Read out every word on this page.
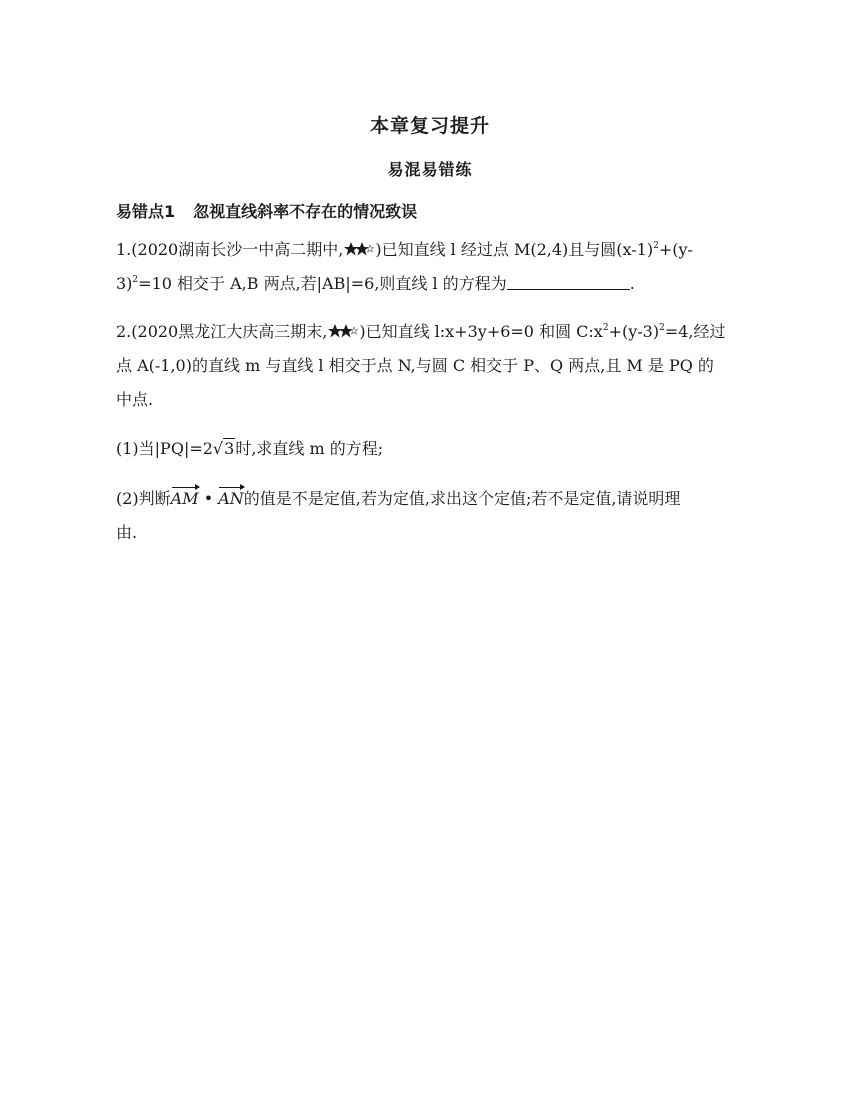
本章复习提升
易混易错练
易错点1 忽视直线斜率不存在的情况致误
1.(2020湖南长沙一中高二期中, )已知直线 l 经过点 M(2,4)且与圆$(x-1)^2+(y-$
3)$^2$=10 相交于 A,B 两点,若|AB|=6,则直线 l 的方程为	.
2.(2020黑龙江大庆高三期末, )已知直线 l:x+3y+6=0 和圆 $C:x^2+(y-3)^2=4$,经过
点 A(-1,0)的直线 m 与直线 l 相交于点 N,与圆 C 相交于 P、Q 两点,且 M 是 PQ 的
中点.
(1)当|PQ|=2√3时,求直线 m 的方程;
(2)判断AM • AN的值是不是定值,若为定值,求出这个定值;若不是定值,请说明理
由.
